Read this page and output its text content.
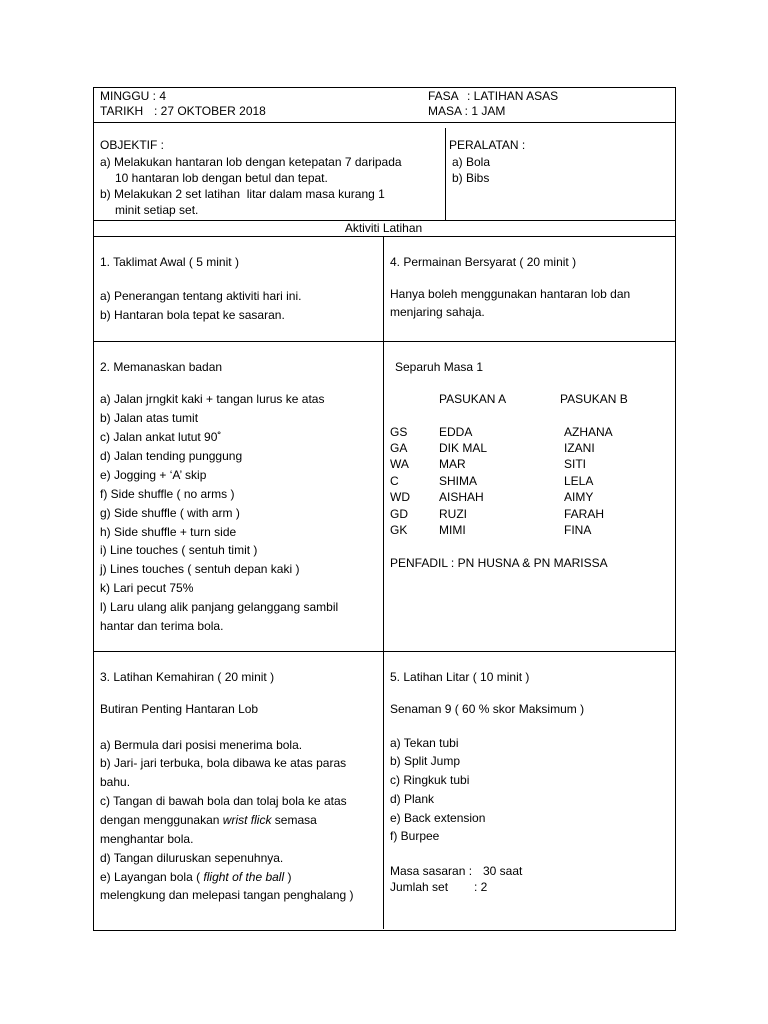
MINGGU : 4
TARIKH : 27 OKTOBER 2018
FASA : LATIHAN ASAS
MASA : 1 JAM
OBJEKTIF :
a) Melakukan hantaran lob dengan ketepatan 7 daripada
10 hantaran lob dengan betul dan tepat.
b) Melakukan 2 set latihan  litar dalam masa kurang 1
minit setiap set.
PERALATAN :
a) Bola
b) Bibs
Aktiviti Latihan
1. Taklimat Awal ( 5 minit )
a) Penerangan tentang aktiviti hari ini.
b) Hantaran bola tepat ke sasaran.
4. Permainan Bersyarat ( 20 minit )
Hanya boleh menggunakan hantaran lob dan
menjaring sahaja.
2. Memanaskan badan
a) Jalan jrngkit kaki + tangan lurus ke atas
b) Jalan atas tumit
c) Jalan ankat lutut 90˚
d) Jalan tending punggung
e) Jogging + ‘A’ skip
f) Side shuffle ( no arms )
g) Side shuffle ( with arm )
h) Side shuffle + turn side
i) Line touches ( sentuh timit )
j) Lines touches ( sentuh depan kaki )
k) Lari pecut 75%
l) Laru ulang alik panjang gelanggang sambil
hantar dan terima bola.
Separuh Masa 1
PASUKAN A	PASUKAN B
GS	EDDA	AZHANA
GA	DIK MAL	IZANI
WA	MAR	SITI
C	SHIMA	LELA
WD AISHAH	AIMY
GD	RUZI	FARAH
GK	MIMI	FINA
PENFADIL : PN HUSNA & PN MARISSA
3. Latihan Kemahiran ( 20 minit )
Butiran Penting Hantaran Lob
a) Bermula dari posisi menerima bola.
b) Jari- jari terbuka, bola dibawa ke atas paras
bahu.
c) Tangan di bawah bola dan tolaj bola ke atas
dengan menggunakan wrist flick semasa
menghantar bola.
d) Tangan diluruskan sepenuhnya.
e) Layangan bola ( flight of the ball )
melengkung dan melepasi tangan penghalang )
5. Latihan Litar ( 10 minit )
Senaman 9 ( 60 % skor Maksimum )
a) Tekan tubi
b) Split Jump
c) Ringkuk tubi
d) Plank
e) Back extension
f) Burpee
Masa sasaran : 30 saat
Jumlah set : 2
